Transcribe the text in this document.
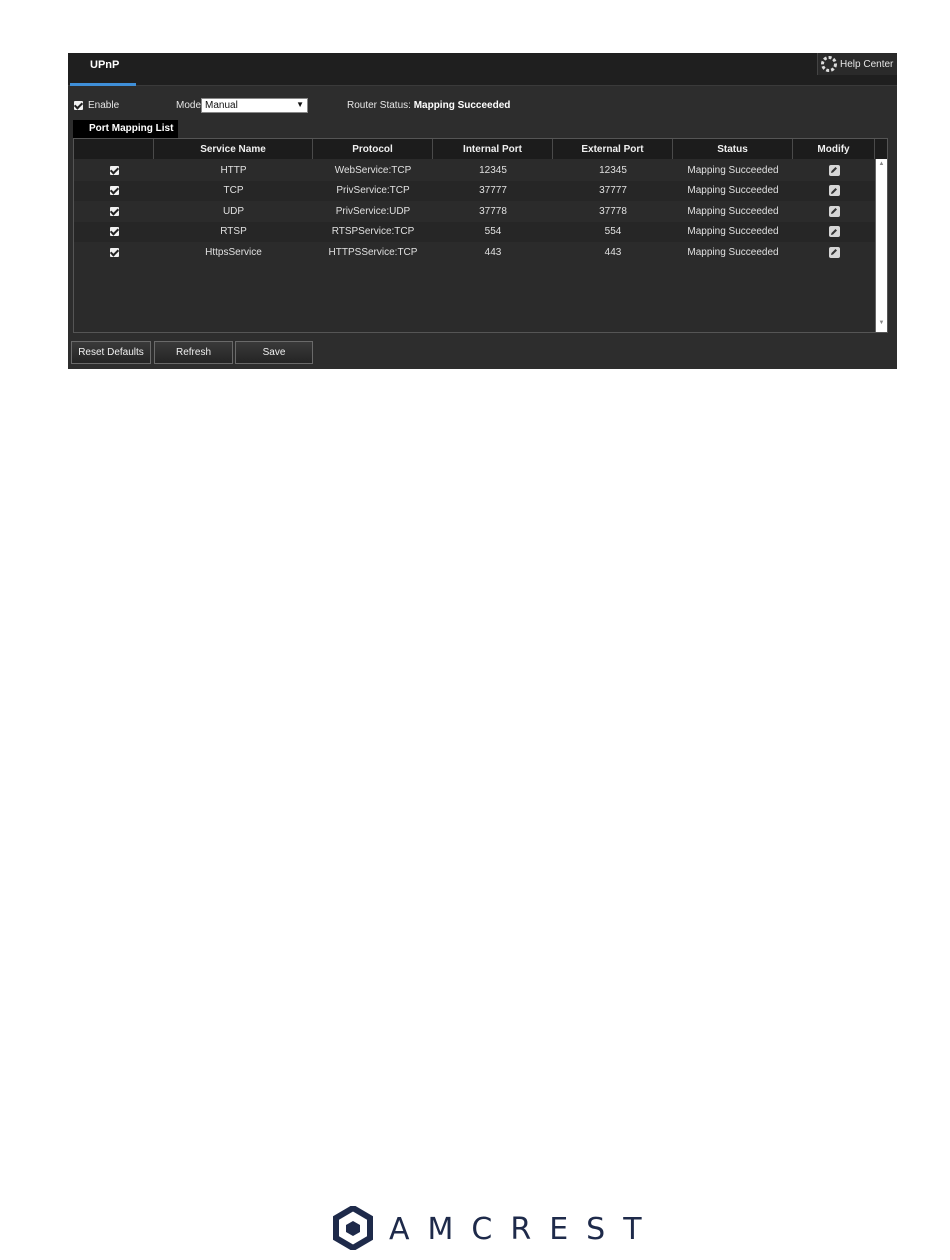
UPnP	Help Center
Enable	Mode Manual	▼	Router Status: Mapping Succeeded
Port Mapping List
Service Name	Protocol	Internal Port	External Port	Status	Modify
HTTP	WebService:TCP	12345	12345	Mapping Succeeded
TCP	PrivService:TCP	37777	37777	Mapping Succeeded
UDP	PrivService:UDP	37778	37778	Mapping Succeeded
RTSP	RTSPService:TCP	554	554	Mapping Succeeded
HttpsService	HTTPSService:TCP	443	443	Mapping Succeeded
▲
▼
Reset Defaults	Refresh	Save
AMCREST
